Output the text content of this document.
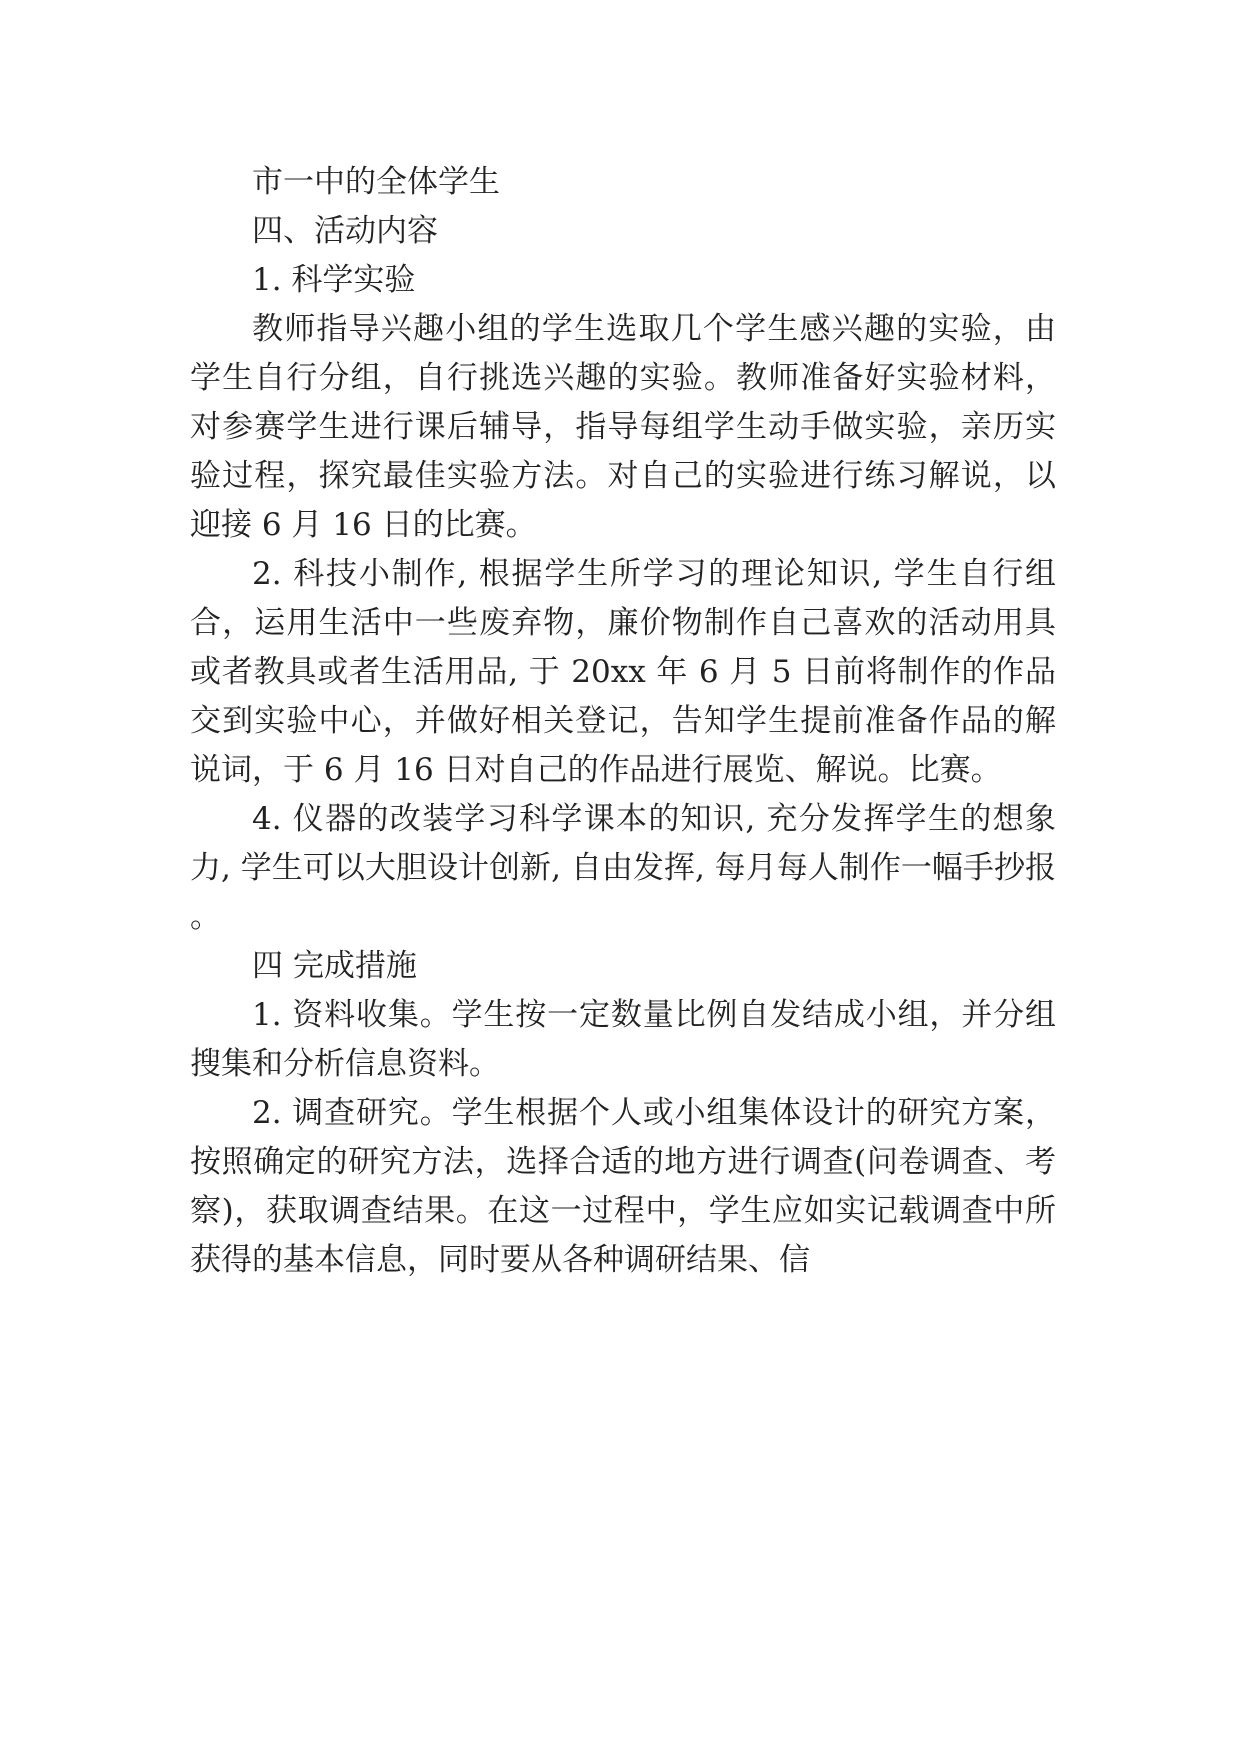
市一中的全体学生

四、活动内容

1. 科学实验

教师指导兴趣小组的学生选取几个学生感兴趣的实验，由学生自行分组，自行挑选兴趣的实验。教师准备好实验材料，对参赛学生进行课后辅导，指导每组学生动手做实验，亲历实验过程，探究最佳实验方法。对自己的实验进行练习解说，以迎接 6 月 16 日的比赛。

2. 科技小制作, 根据学生所学习的理论知识, 学生自行组合，运用生活中一些废弃物，廉价物制作自己喜欢的活动用具或者教具或者生活用品, 于 20xx 年 6 月 5 日前将制作的作品交到实验中心，并做好相关登记，告知学生提前准备作品的解说词，于 6 月 16 日对自己的作品进行展览、解说。比赛。

4. 仪器的改装学习科学课本的知识, 充分发挥学生的想象力, 学生可以大胆设计创新, 自由发挥, 每月每人制作一幅手抄报 。

四 完成措施

1. 资料收集。学生按一定数量比例自发结成小组，并分组搜集和分析信息资料。

2. 调查研究。学生根据个人或小组集体设计的研究方案，按照确定的研究方法，选择合适的地方进行调查(问卷调查、考察)，获取调查结果。在这一过程中，学生应如实记载调查中所获得的基本信息，同时要从各种调研结果、信
